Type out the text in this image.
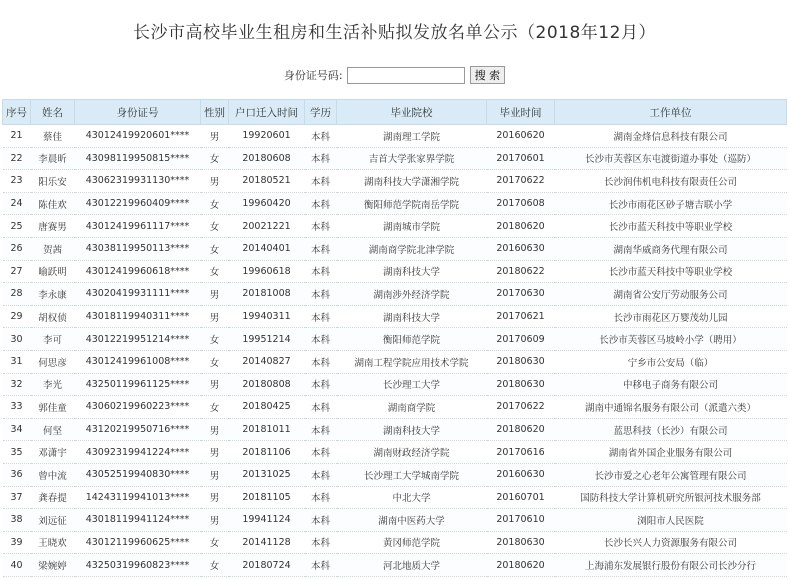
长沙市高校毕业生租房和生活补贴拟发放名单公示（2018年12月）
身份证号码:	搜 索
序号	姓名	身份证号	性别	户口迁入时间	学历	毕业院校	毕业时间	工作单位
21	蔡佳	43012419920601****	男	19920601	本科	湖南理工学院	20160620	湖南金烽信息科技有限公司
22	李晨昕	43098119950815****	女	20180608	本科	吉首大学张家界学院	20170601	长沙市芙蓉区东屯渡街道办事处（巡防）
23	阳乐安	43062319931130****	男	20180521	本科	湖南科技大学潇湘学院	20170622	长沙润伟机电科技有限责任公司
24	陈佳欢	43012219960409****	女	19960420	本科	衡阳师范学院南岳学院	20170608	长沙市雨花区砂子塘吉联小学
25	唐赛男	43012419961117****	女	20021221	本科	湖南城市学院	20180620	长沙市蓝天科技中等职业学校
26	贺茜	43038119950113****	女	20140401	本科	湖南商学院北津学院	20160630	湖南华威商务代理有限公司
27	喻跃明	43012419960618****	女	19960618	本科	湖南科技大学	20180622	长沙市蓝天科技中等职业学校
28	李永康	43020419931111****	男	20181008	本科	湖南涉外经济学院	20170630	湖南省公安厅劳动服务公司
29	胡权侦	43018119940311****	男	19940311	本科	湖南科技大学	20170621	长沙市雨花区万婴茂幼儿园
30	李可	43012219951214****	女	19951214	本科	衡阳师范学院	20170609	长沙市芙蓉区马坡岭小学（聘用）
31	何思彦	43012419961008****	女	20140827	本科	湖南工程学院应用技术学院	20180630	宁乡市公安局（临）
32	李光	43250119961125****	男	20180808	本科	长沙理工大学	20180630	中移电子商务有限公司
33	郭佳童	43060219960223****	女	20180425	本科	湖南商学院	20170622	湖南中通锦名服务有限公司（派遣六类）
34	何坚	43120219950716****	男	20181011	本科	湖南科技大学	20180620	蓝思科技（长沙）有限公司
35	邓潇宇	43092319941224****	男	20181106	本科	湖南财政经济学院	20170616	湖南省外国企业服务有限公司
36	曾中流	43052519940830****	男	20131025	本科	长沙理工大学城南学院	20160630	长沙市爱之心老年公寓管理有限公司
37	龚春提	14243119941013****	男	20181105	本科	中北大学	20160701	国防科技大学计算机研究所银河技术服务部
38	刘远征	43018119941124****	男	19941124	本科	湖南中医药大学	20170610	浏阳市人民医院
39	王晓欢	43012119960625****	女	20141128	本科	黄冈师范学院	20180630	长沙长兴人力资源服务有限公司
40	梁婉婷	43250319960823****	女	20180724	本科	河北地质大学	20180620	上海浦东发展银行股份有限公司长沙分行
